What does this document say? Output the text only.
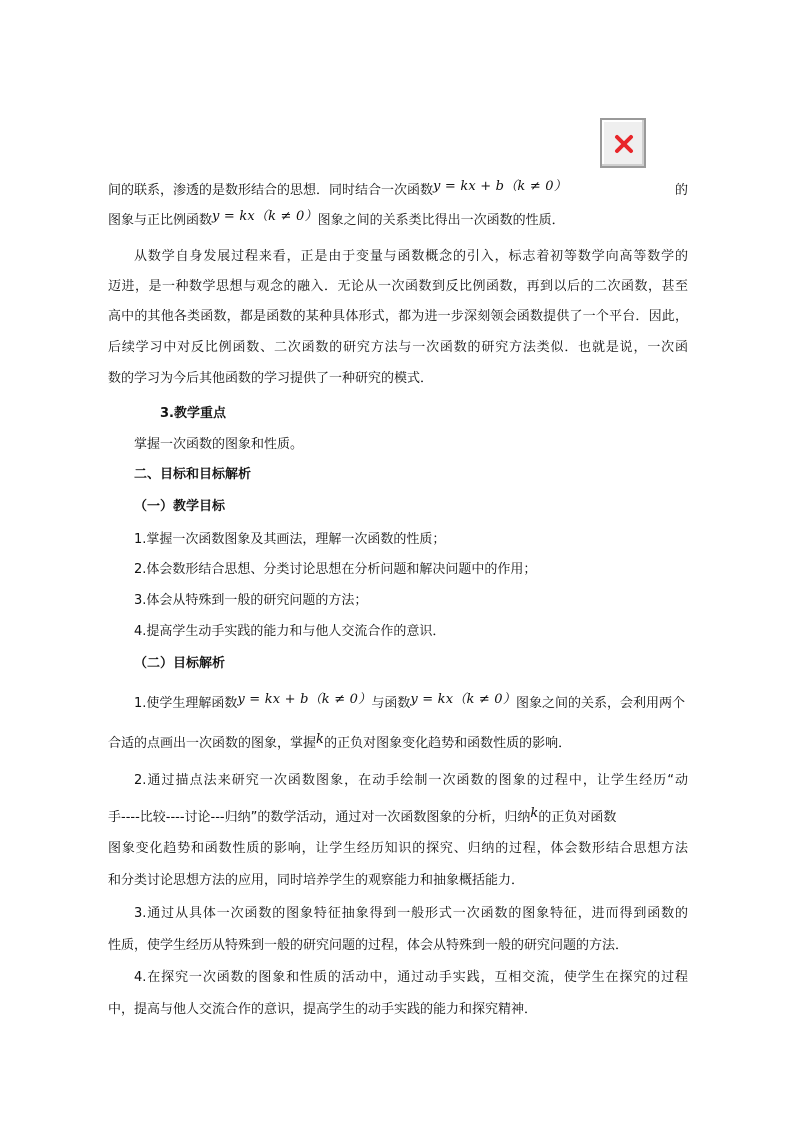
间的联系，渗透的是数形结合的思想．同时结合一次函数y = kx + b（k ≠ 0）	的
图象与正比例函数y = kx（k ≠ 0）图象之间的关系类比得出一次函数的性质．
从数学自身发展过程来看，正是由于变量与函数概念的引入，标志着初等数学向高等数学的
迈进，是一种数学思想与观念的融入．无论从一次函数到反比例函数，再到以后的二次函数，甚至
高中的其他各类函数，都是函数的某种具体形式，都为进一步深刻领会函数提供了一个平台．因此，
后续学习中对反比例函数、二次函数的研究方法与一次函数的研究方法类似．也就是说，一次函
数的学习为今后其他函数的学习提供了一种研究的模式．
3.教学重点
掌握一次函数的图象和性质。
二、目标和目标解析
（一）教学目标
1.掌握一次函数图象及其画法，理解一次函数的性质；
2.体会数形结合思想、分类讨论思想在分析问题和解决问题中的作用；
3.体会从特殊到一般的研究问题的方法；
4.提高学生动手实践的能力和与他人交流合作的意识．
（二）目标解析
1.使学生理解函数y = kx + b（k ≠ 0）与函数y = kx（k ≠ 0）图象之间的关系，会利用两个
合适的点画出一次函数的图象，掌握k的正负对图象变化趋势和函数性质的影响．
2.通过描点法来研究一次函数图象，在动手绘制一次函数的图象的过程中，让学生经历“动
手----比较----讨论---归纳”的数学活动，通过对一次函数图象的分析，归纳k的正负对函数
图象变化趋势和函数性质的影响，让学生经历知识的探究、归纳的过程，体会数形结合思想方法
和分类讨论思想方法的应用，同时培养学生的观察能力和抽象概括能力．
3.通过从具体一次函数的图象特征抽象得到一般形式一次函数的图象特征，进而得到函数的
性质，使学生经历从特殊到一般的研究问题的过程，体会从特殊到一般的研究问题的方法．
4.在探究一次函数的图象和性质的活动中，通过动手实践，互相交流，使学生在探究的过程
中，提高与他人交流合作的意识，提高学生的动手实践的能力和探究精神．
